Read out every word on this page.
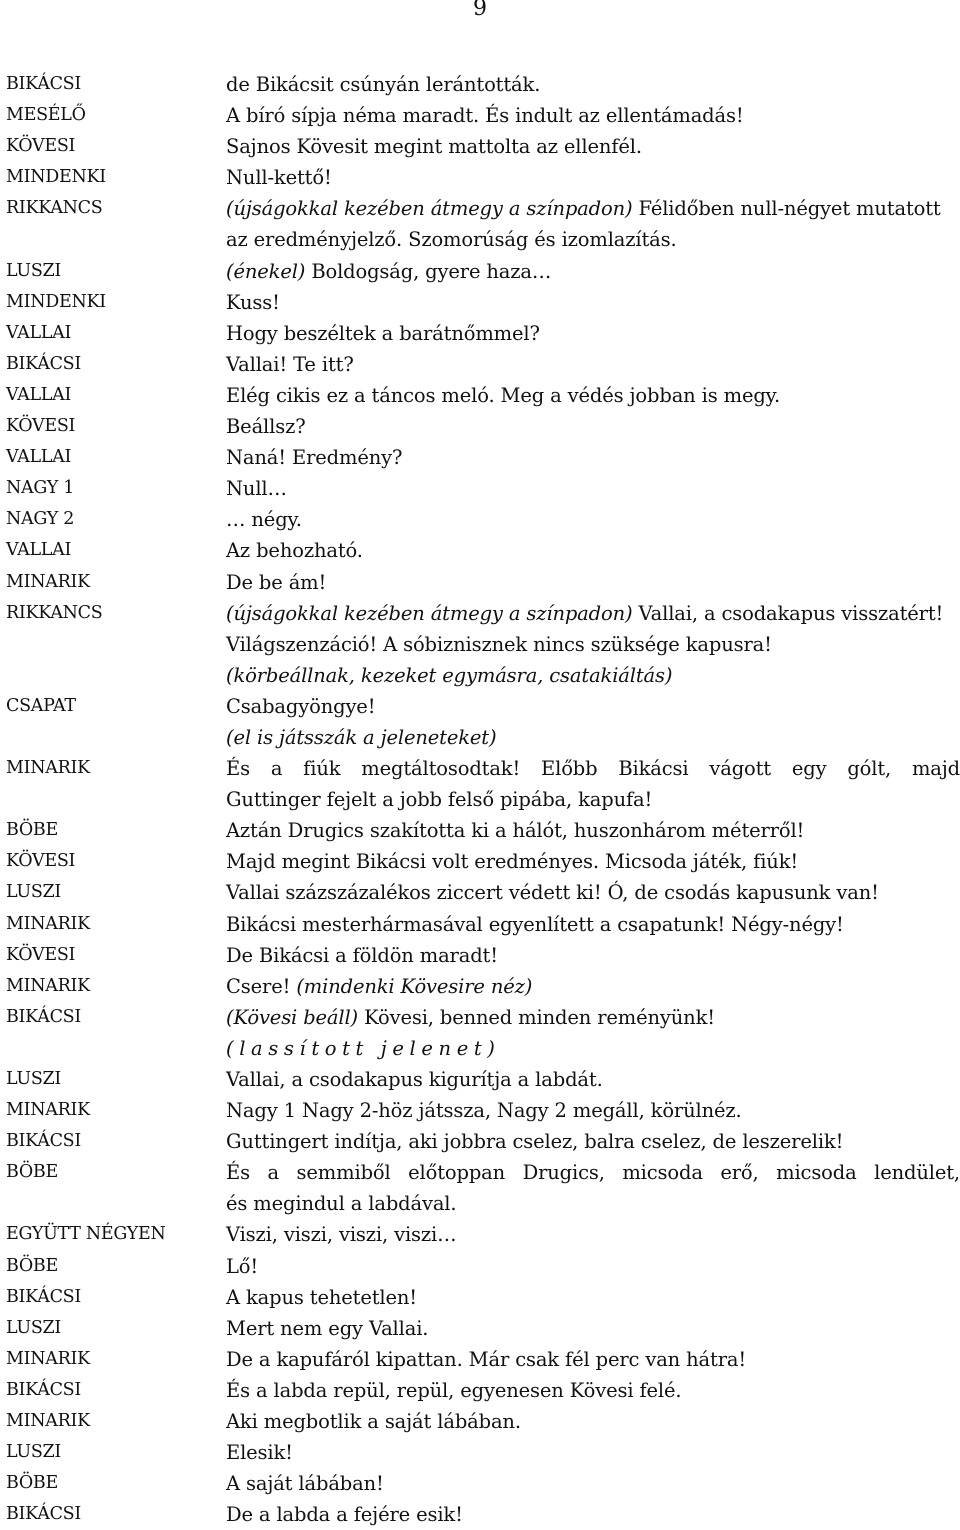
9
BIKÁCSI	de Bikácsit csúnyán lerántották.
MESÉLŐ	A bíró sípja néma maradt. És indult az ellentámadás!
KÖVESI	Sajnos Kövesit megint mattolta az ellenfél.
MINDENKI	Null-kettő!
RIKKANCS	(újságokkal kezében átmegy a színpadon) Félidőben null-négyet mutatott
az eredményjelző. Szomorúság és izomlazítás.
LUSZI	(énekel) Boldogság, gyere haza…
MINDENKI	Kuss!
VALLAI	Hogy beszéltek a barátnőmmel?
BIKÁCSI	Vallai! Te itt?
VALLAI	Elég cikis ez a táncos meló. Meg a védés jobban is megy.
KÖVESI	Beállsz?
VALLAI	Naná! Eredmény?
NAGY 1	Null…
NAGY 2	… négy.
VALLAI	Az behozható.
MINARIK	De be ám!
RIKKANCS	(újságokkal kezében átmegy a színpadon) Vallai, a csodakapus visszatért!
Világszenzáció! A sóbiznisznek nincs szüksége kapusra!
(körbeállnak, kezeket egymásra, csatakiáltás)
CSAPAT	Csabagyöngye!
(el is játsszák a jeleneteket)
MINARIK	És a fiúk megtáltosodtak! Előbb Bikácsi vágott egy gólt, majd
Guttinger fejelt a jobb felső pipába, kapufa!
BÖBE	Aztán Drugics szakította ki a hálót, huszonhárom méterről!
KÖVESI	Majd megint Bikácsi volt eredményes. Micsoda játék, fiúk!
LUSZI	Vallai százszázalékos ziccert védett ki! Ó, de csodás kapusunk van!
MINARIK	Bikácsi mesterhármasával egyenlített a csapatunk! Négy-négy!
KÖVESI	De Bikácsi a földön maradt!
MINARIK	Csere! (mindenki Kövesire néz)
BIKÁCSI	(Kövesi beáll) Kövesi, benned minden reményünk!
(lassított jelenet)
LUSZI	Vallai, a csodakapus kigurítja a labdát.
MINARIK	Nagy 1 Nagy 2-höz játssza, Nagy 2 megáll, körülnéz.
BIKÁCSI	Guttingert indítja, aki jobbra cselez, balra cselez, de leszerelik!
BÖBE	És a semmiből előtoppan Drugics, micsoda erő, micsoda lendület,
és megindul a labdával.
EGYÜTT NÉGYEN	Viszi, viszi, viszi, viszi…
BÖBE	Lő!
BIKÁCSI	A kapus tehetetlen!
LUSZI	Mert nem egy Vallai.
MINARIK	De a kapufáról kipattan. Már csak fél perc van hátra!
BIKÁCSI	És a labda repül, repül, egyenesen Kövesi felé.
MINARIK	Aki megbotlik a saját lábában.
LUSZI	Elesik!
BÖBE	A saját lábában!
BIKÁCSI	De a labda a fejére esik!
